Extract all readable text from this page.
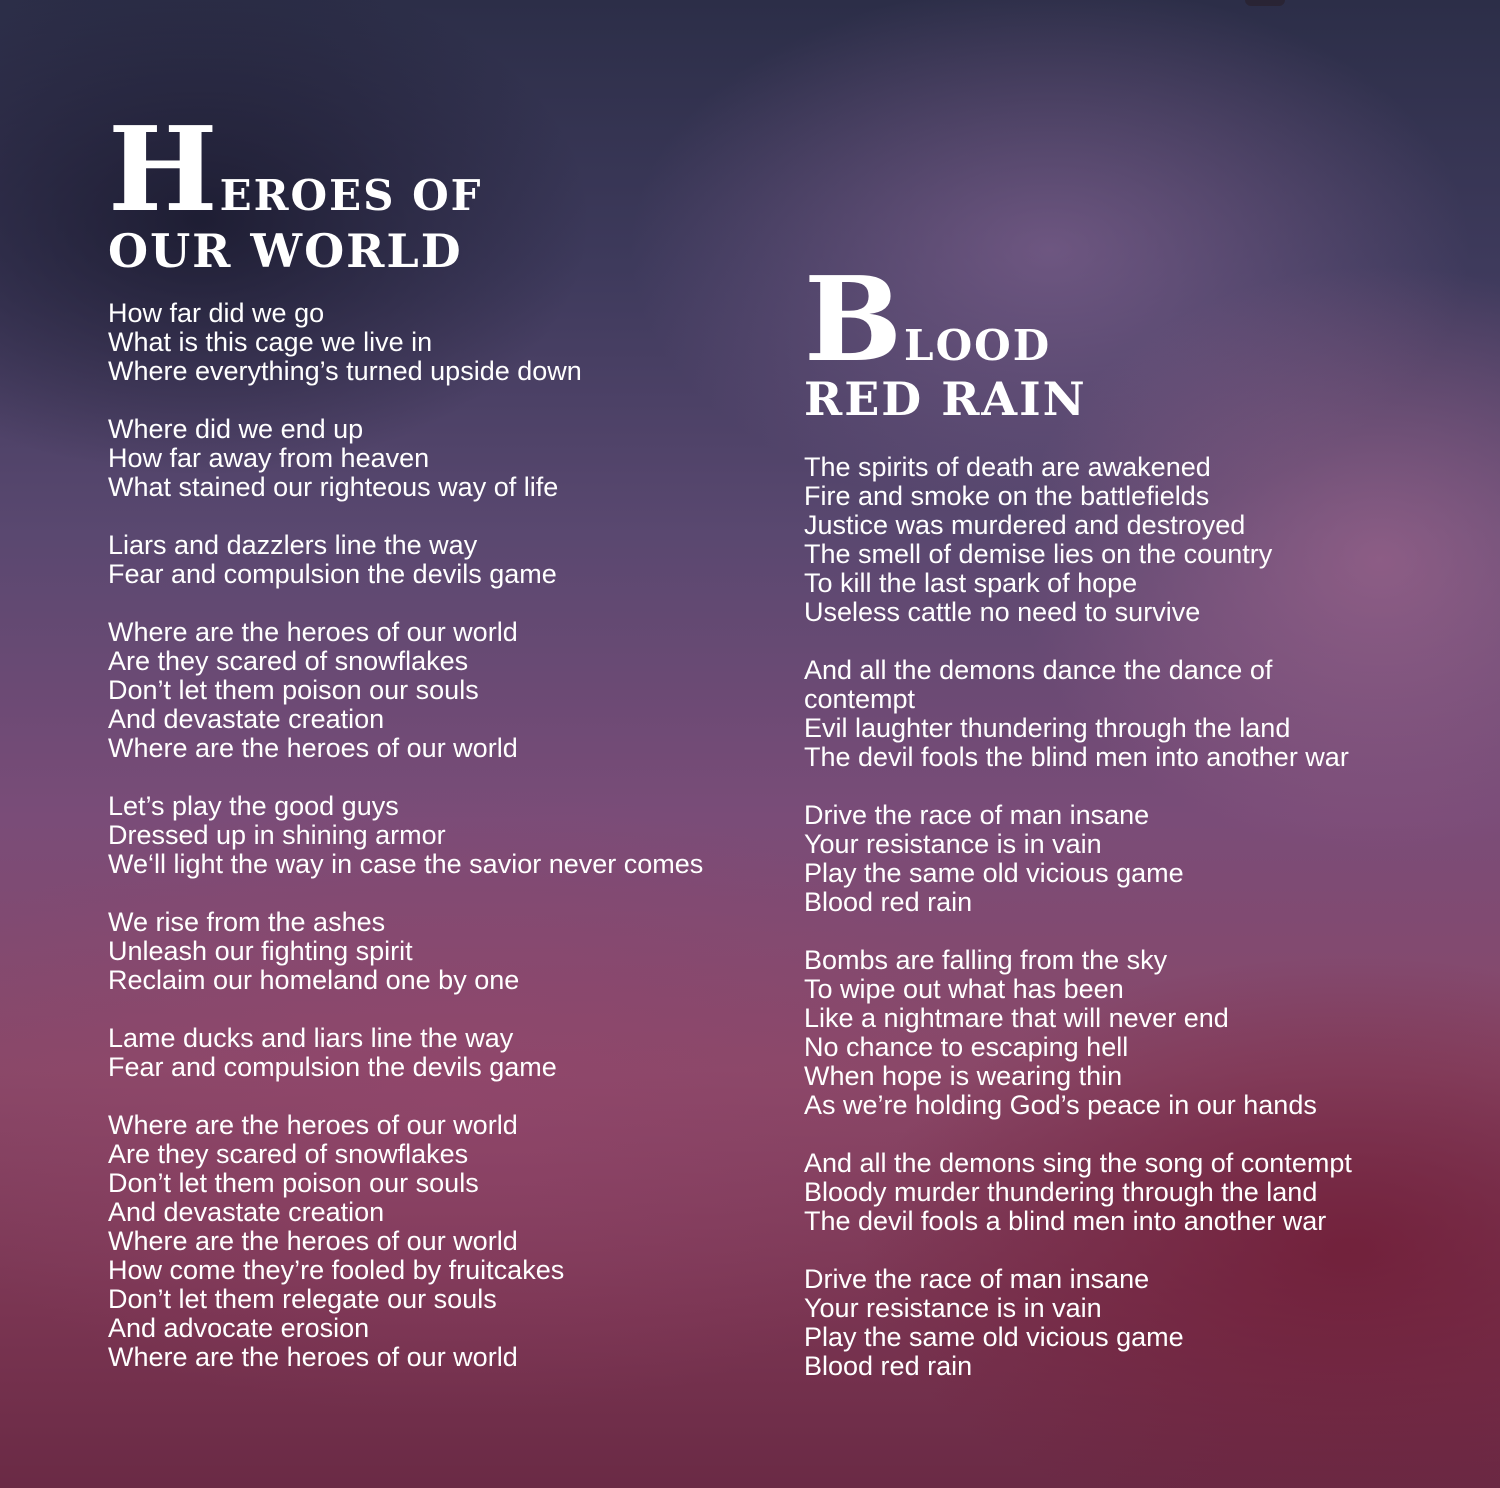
HEROES OF
OUR WORLD
How far did we go
What is this cage we live in
Where everything’s turned upside down
Where did we end up
How far away from heaven
What stained our righteous way of life
Liars and dazzlers line the way
Fear and compulsion the devils game
Where are the heroes of our world
Are they scared of snowflakes
Don’t let them poison our souls
And devastate creation
Where are the heroes of our world
Let’s play the good guys
Dressed up in shining armor
We‘ll light the way in case the savior never comes
We rise from the ashes
Unleash our fighting spirit
Reclaim our homeland one by one
Lame ducks and liars line the way
Fear and compulsion the devils game
Where are the heroes of our world
Are they scared of snowflakes
Don’t let them poison our souls
And devastate creation
Where are the heroes of our world
How come they’re fooled by fruitcakes
Don’t let them relegate our souls
And advocate erosion
Where are the heroes of our world
BLOOD
RED RAIN
The spirits of death are awakened
Fire and smoke on the battlefields
Justice was murdered and destroyed
The smell of demise lies on the country
To kill the last spark of hope
Useless cattle no need to survive
And all the demons dance the dance of
contempt
Evil laughter thundering through the land
The devil fools the blind men into another war
Drive the race of man insane
Your resistance is in vain
Play the same old vicious game
Blood red rain
Bombs are falling from the sky
To wipe out what has been
Like a nightmare that will never end
No chance to escaping hell
When hope is wearing thin
As we’re holding God’s peace in our hands
And all the demons sing the song of contempt
Bloody murder thundering through the land
The devil fools a blind men into another war
Drive the race of man insane
Your resistance is in vain
Play the same old vicious game
Blood red rain
